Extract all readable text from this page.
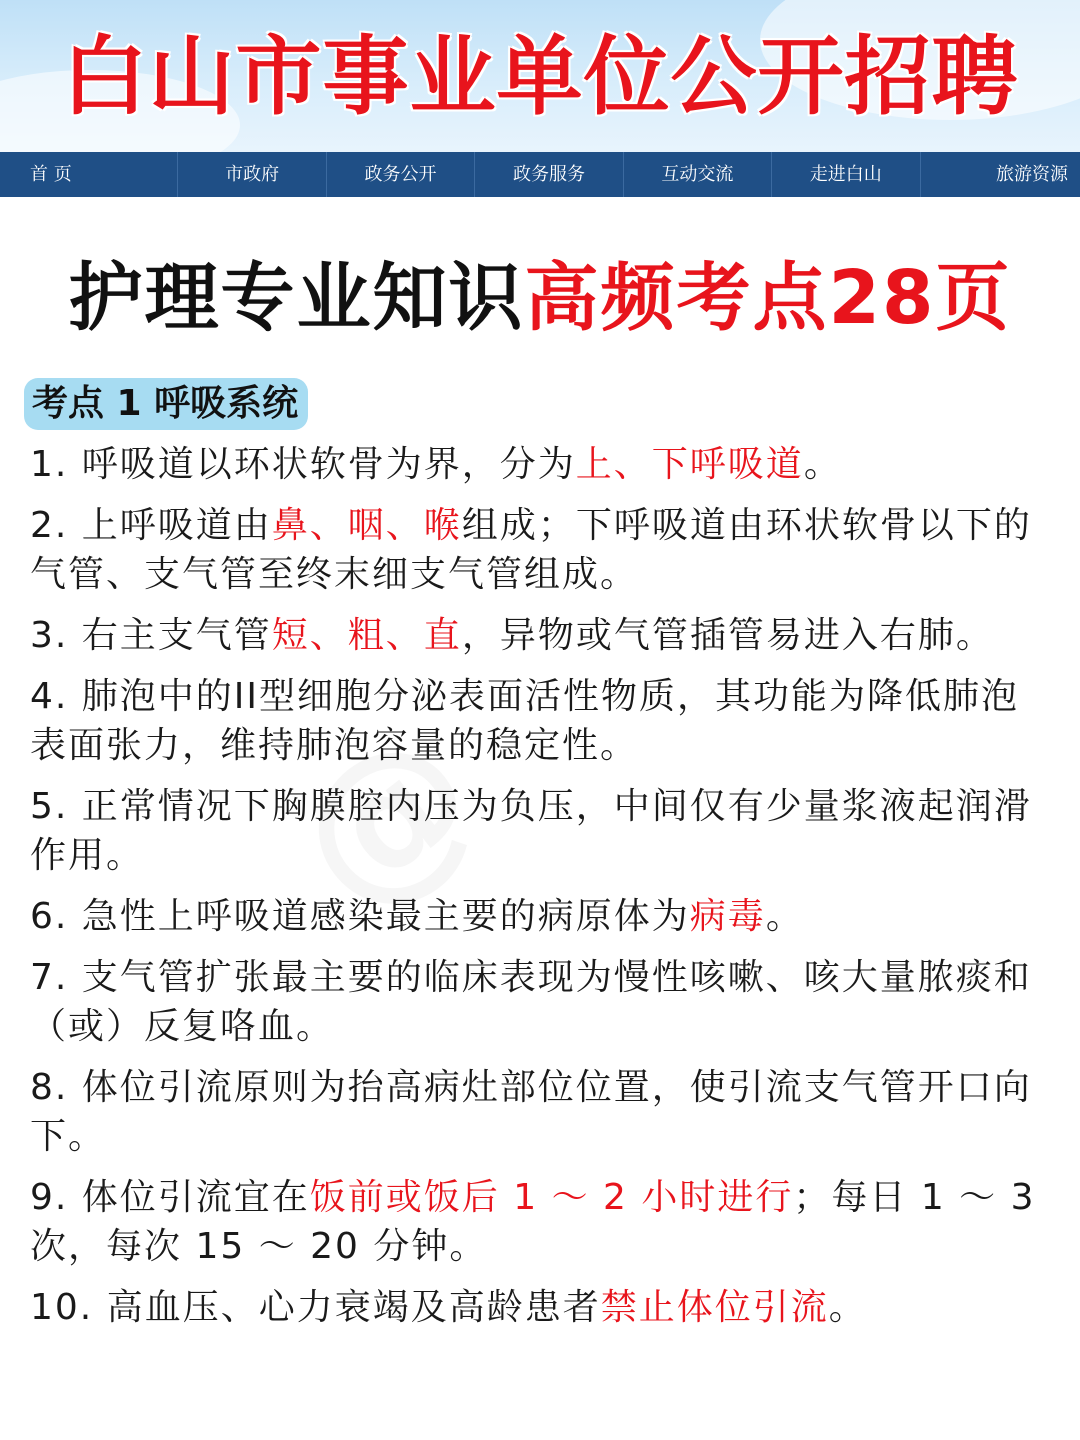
白山市事业单位公开招聘
首 页	市政府	政务公开	政务服务	互动交流	走进白山	旅游资源
护理专业知识高频考点28页
考点 1 呼吸系统
1. 呼吸道以环状软骨为界，分为上、下呼吸道。
2. 上呼吸道由鼻、咽、喉组成；下呼吸道由环状软骨以下的气管、支气管至终末细支气管组成。
3. 右主支气管短、粗、直，异物或气管插管易进入右肺。
4. 肺泡中的II型细胞分泌表面活性物质，其功能为降低肺泡表面张力，维持肺泡容量的稳定性。
5. 正常情况下胸膜腔内压为负压，中间仅有少量浆液起润滑作用。
6. 急性上呼吸道感染最主要的病原体为病毒。
7. 支气管扩张最主要的临床表现为慢性咳嗽、咳大量脓痰和（或）反复咯血。
8. 体位引流原则为抬高病灶部位位置，使引流支气管开口向下。
9. 体位引流宜在饭前或饭后 1 ～ 2 小时进行；每日 1 ～ 3 次，每次 15 ～ 20 分钟。
10. 高血压、心力衰竭及高龄患者禁止体位引流。
